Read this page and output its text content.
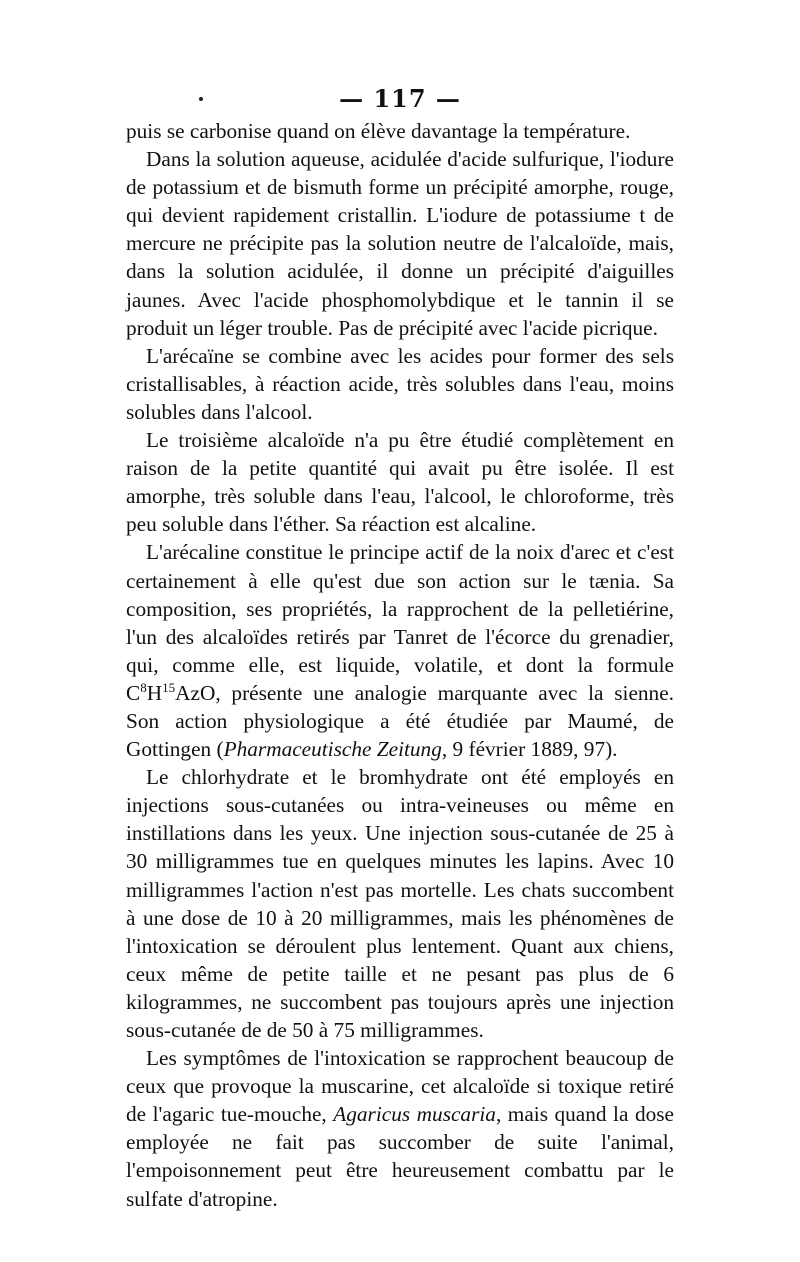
— 117 —

puis se carbonise quand on élève davantage la température.

Dans la solution aqueuse, acidulée d'acide sulfurique, l'iodure de potassium et de bismuth forme un précipité amorphe, rouge, qui devient rapidement cristallin. L'iodure de potassiume t de mercure ne précipite pas la solution neutre de l'alcaloïde, mais, dans la solution acidulée, il donne un précipité d'aiguilles jaunes. Avec l'acide phosphomolybdique et le tannin il se produit un léger trouble. Pas de précipité avec l'acide picrique.

L'arécaïne se combine avec les acides pour former des sels cristallisables, à réaction acide, très solubles dans l'eau, moins solubles dans l'alcool.

Le troisième alcaloïde n'a pu être étudié complètement en raison de la petite quantité qui avait pu être isolée. Il est amorphe, très soluble dans l'eau, l'alcool, le chloroforme, très peu soluble dans l'éther. Sa réaction est alcaline.

L'arécaline constitue le principe actif de la noix d'arec et c'est certainement à elle qu'est due son action sur le tænia. Sa composition, ses propriétés, la rapprochent de la pelletiérine, l'un des alcaloïdes retirés par Tanret de l'écorce du grenadier, qui, comme elle, est liquide, volatile, et dont la formule $C^8H^{15}AzO$, présente une analogie marquante avec la sienne. Son action physiologique a été étudiée par Maumé, de Gottingen (Pharmaceutische Zeitung, 9 février 1889, 97).

Le chlorhydrate et le bromhydrate ont été employés en injections sous-cutanées ou intra-veineuses ou même en instillations dans les yeux. Une injection sous-cutanée de 25 à 30 milligrammes tue en quelques minutes les lapins. Avec 10 milligrammes l'action n'est pas mortelle. Les chats succombent à une dose de 10 à 20 milligrammes, mais les phénomènes de l'intoxication se déroulent plus lentement. Quant aux chiens, ceux même de petite taille et ne pesant pas plus de 6 kilogrammes, ne succombent pas toujours après une injection sous-cutanée de de 50 à 75 milligrammes.

Les symptômes de l'intoxication se rapprochent beaucoup de ceux que provoque la muscarine, cet alcaloïde si toxique retiré de l'agaric tue-mouche, Agaricus muscaria, mais quand la dose employée ne fait pas succomber de suite l'animal, l'empoisonnement peut être heureusement combattu par le sulfate d'atropine.
